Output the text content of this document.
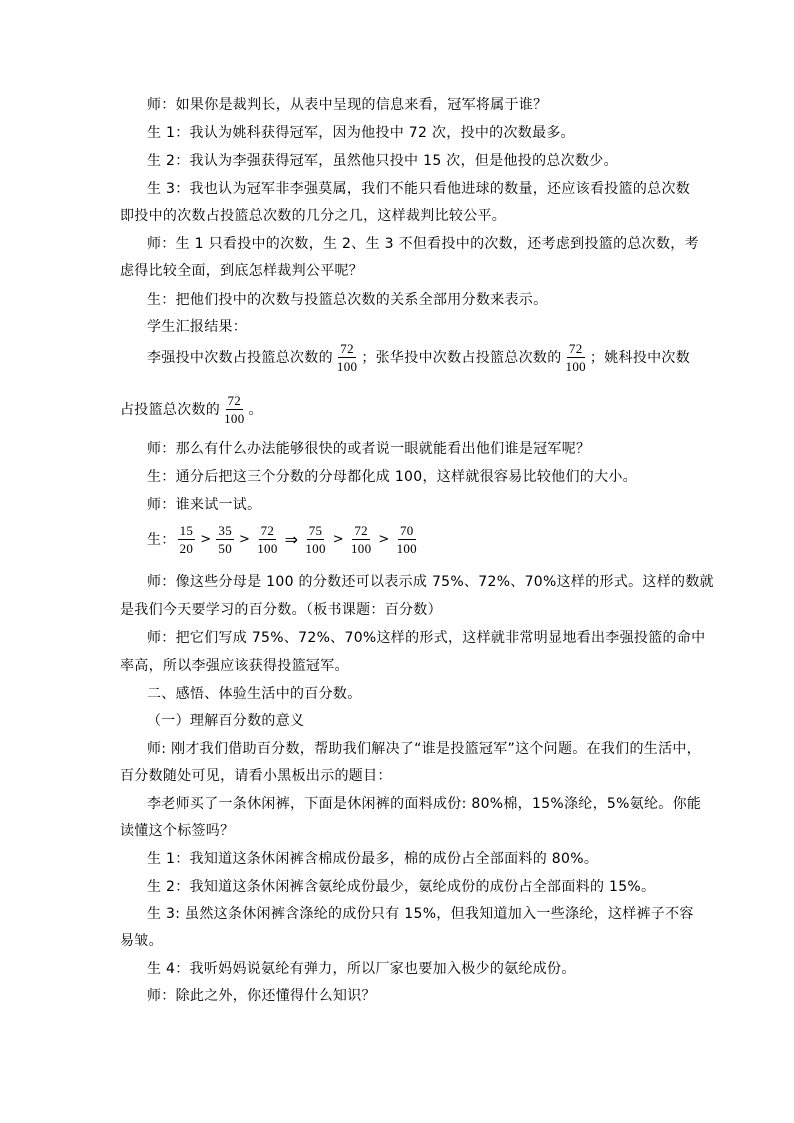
师：如果你是裁判长，从表中呈现的信息来看，冠军将属于谁？
生 1：我认为姚科获得冠军，因为他投中 72 次，投中的次数最多。
生 2：我认为李强获得冠军，虽然他只投中 15 次，但是他投的总次数少。
生 3：我也认为冠军非李强莫属，我们不能只看他进球的数量，还应该看投篮的总次数
即投中的次数占投篮总次数的几分之几，这样裁判比较公平。
师：生 1 只看投中的次数，生 2、生 3 不但看投中的次数，还考虑到投篮的总次数，考
虑得比较全面，到底怎样裁判公平呢？
生：把他们投中的次数与投篮总次数的关系全部用分数来表示。
学生汇报结果：
李强投中次数占投篮总次数的 $\frac{72}{100}$ ；张华投中次数占投篮总次数的 $\frac{72}{100}$ ；姚科投中次数
占投篮总次数的 $\frac{72}{100}$ 。
师：那么有什么办法能够很快的或者说一眼就能看出他们谁是冠军呢？
生：通分后把这三个分数的分母都化成 100，这样就很容易比较他们的大小。
师：谁来试一试。
生： $\frac{15}{20} > \frac{35}{50} > \frac{72}{100}$ ⇒ $\frac{75}{100} > \frac{72}{100} > \frac{70}{100}$
师：像这些分母是 100 的分数还可以表示成 75%、72%、70%这样的形式。这样的数就
是我们今天要学习的百分数。（板书课题：百分数）
师：把它们写成 75%、72%、70%这样的形式，这样就非常明显地看出李强投篮的命中
率高，所以李强应该获得投篮冠军。
二、感悟、体验生活中的百分数。
（一）理解百分数的意义
师: 刚才我们借助百分数，帮助我们解决了“谁是投篮冠军”这个问题。在我们的生活中，
百分数随处可见，请看小黑板出示的题目：
李老师买了一条休闲裤，下面是休闲裤的面料成份: 80%棉，15%涤纶，5%氨纶。你能
读懂这个标签吗？
生 1：我知道这条休闲裤含棉成份最多，棉的成份占全部面料的 80%。
生 2：我知道这条休闲裤含氨纶成份最少，氨纶成份的成份占全部面料的 15%。
生 3: 虽然这条休闲裤含涤纶的成份只有 15%，但我知道加入一些涤纶，这样裤子不容
易皱。
生 4：我听妈妈说氨纶有弹力，所以厂家也要加入极少的氨纶成份。
师：除此之外，你还懂得什么知识？
